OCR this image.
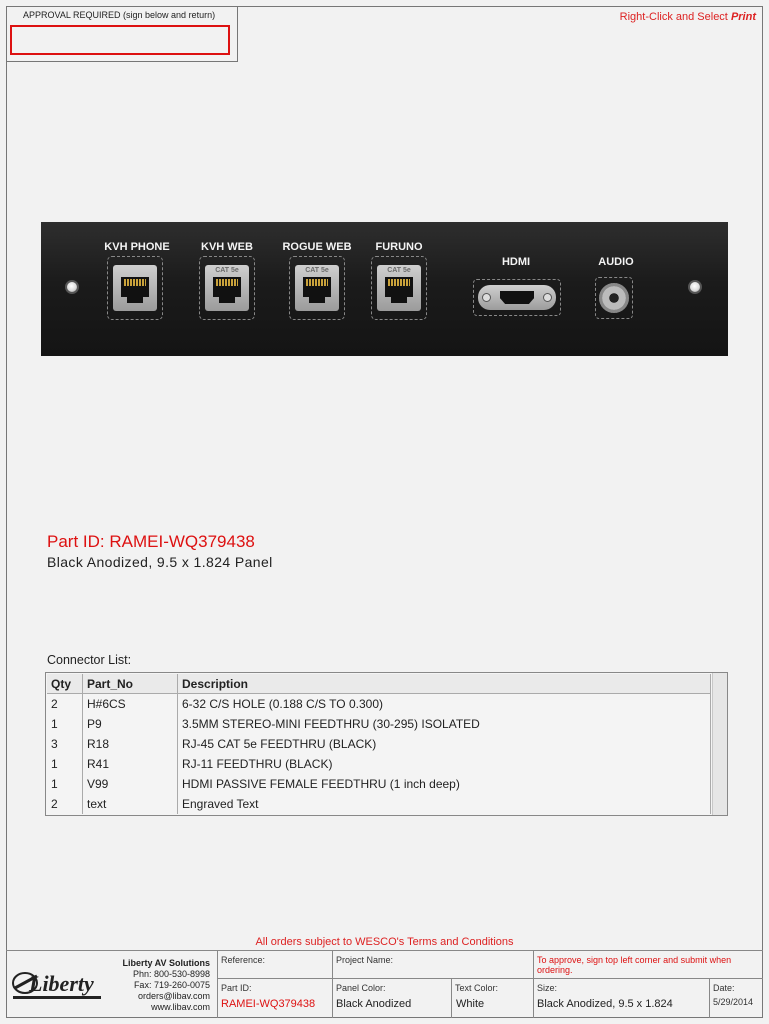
APPROVAL REQUIRED (sign below and return)	Right-Click and Select Print
KVH PHONE	KVH WEB	ROGUE WEB FURUNO
HDMI	AUDIO
CAT 5e	CAT 5e	CAT 5e
Part ID: RAMEI-WQ379438
Black Anodized, 9.5 x 1.824 Panel
Connector List:
Qty	Part_No	Description
2	H#6CS	6-32 C/S HOLE (0.188 C/S TO 0.300)
1	P9	3.5MM STEREO-MINI FEEDTHRU (30-295) ISOLATED
3	R18	RJ-45 CAT 5e FEEDTHRU (BLACK)
1	R41	RJ-11 FEEDTHRU (BLACK)
1	V99	HDMI PASSIVE FEMALE FEEDTHRU (1 inch deep)
2	text	Engraved Text
All orders subject to WESCO's Terms and Conditions
Liberty
Liberty AV Solutions
Phn: 800-530-8998
Fax: 719-260-0075
orders@libav.com
www.libav.com
Reference:	Project Name:	To approve, sign top left corner and submit when ordering.
Part ID:
RAMEI-WQ379438
Panel Color:
Black Anodized
Text Color:
White
Size:
Black Anodized, 9.5 x 1.824
Date:
5/29/2014
